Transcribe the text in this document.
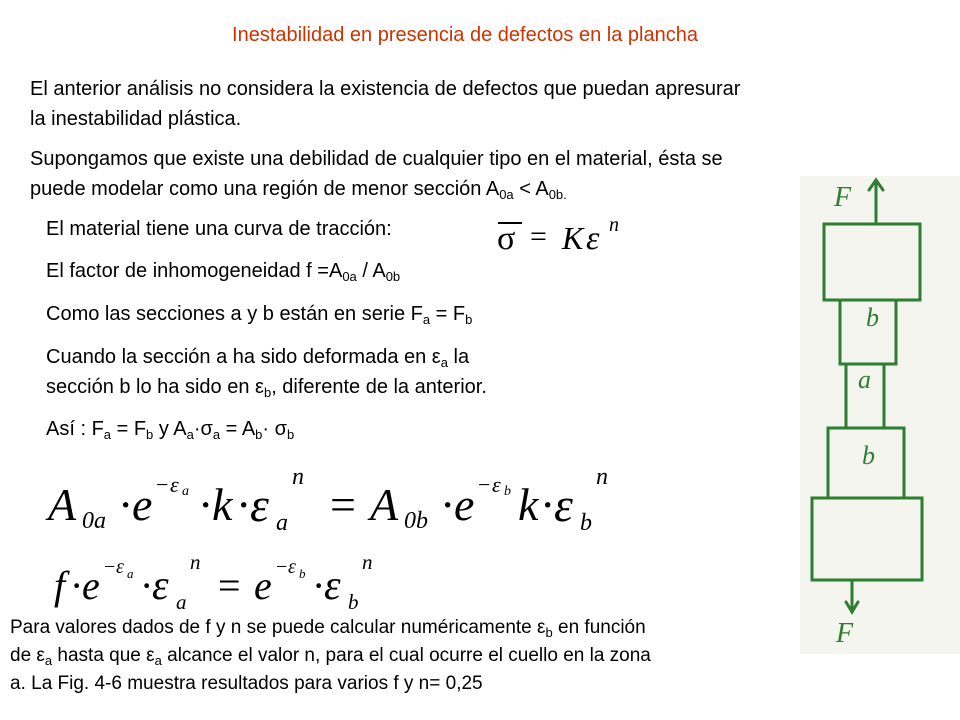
Inestabilidad en presencia de defectos en la plancha
El anterior análisis no considera la existencia de defectos que puedan apresurar
la inestabilidad plástica.
Supongamos que existe una debilidad de cualquier tipo en el material, ésta se
puede modelar como una región de menor sección $A_{0a} < A_{0b.}$
El material tiene una curva de tracción:
El factor de inhomogeneidad $f =A_{0a} / A_{0b}$
Como las secciones a y b están en serie $F_a = F_b$
Cuando la sección a ha sido deformada en $\varepsilon_a$ la
sección b lo ha sido en $\varepsilon_b$, diferente de la anterior.
Así : $F_a = F_b$ y $A_a\cdot\sigma_a = A_b\cdot \sigma_b$
σ = K ε n
A 0a ·
e − ε a ·
k ·
ε a
n
= A 0b ·
e − ε b k ·
ε b
n
f ·
e − ε a ·
ε a
n
= e − ε b ·
ε b
n
F
b
a
b
F
Para valores dados de f y n se puede calcular numéricamente $\varepsilon_b$ en función
de $\varepsilon_a$ hasta que $\varepsilon_a$ alcance el valor n, para el cual ocurre el cuello en la zona
a. La Fig. 4-6 muestra resultados para varios f y n= 0,25
